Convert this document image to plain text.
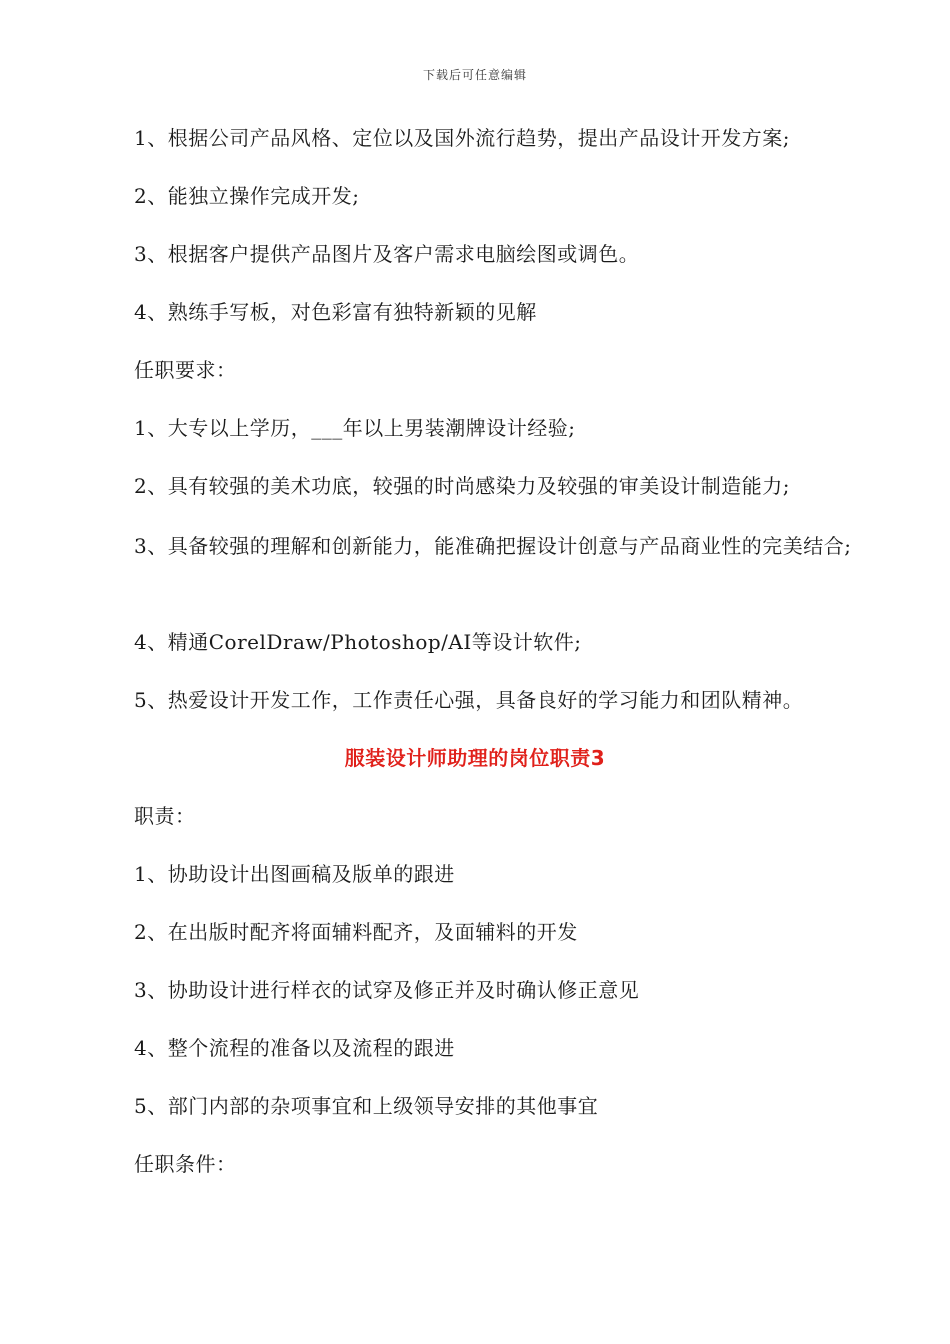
下载后可任意编辑

1、根据公司产品风格、定位以及国外流行趋势，提出产品设计开发方案;

2、能独立操作完成开发;

3、根据客户提供产品图片及客户需求电脑绘图或调色。

4、熟练手写板，对色彩富有独特新颖的见解

任职要求：

1、大专以上学历，___年以上男装潮牌设计经验;

2、具有较强的美术功底，较强的时尚感染力及较强的审美设计制造能力;

3、具备较强的理解和创新能力，能准确把握设计创意与产品商业性的完美结合;

4、精通CorelDraw/Photoshop/AI等设计软件;

5、热爱设计开发工作，工作责任心强，具备良好的学习能力和团队精神。

服装设计师助理的岗位职责3

职责：

1、协助设计出图画稿及版单的跟进

2、在出版时配齐将面辅料配齐，及面辅料的开发

3、协助设计进行样衣的试穿及修正并及时确认修正意见

4、整个流程的准备以及流程的跟进

5、部门内部的杂项事宜和上级领导安排的其他事宜

任职条件：
